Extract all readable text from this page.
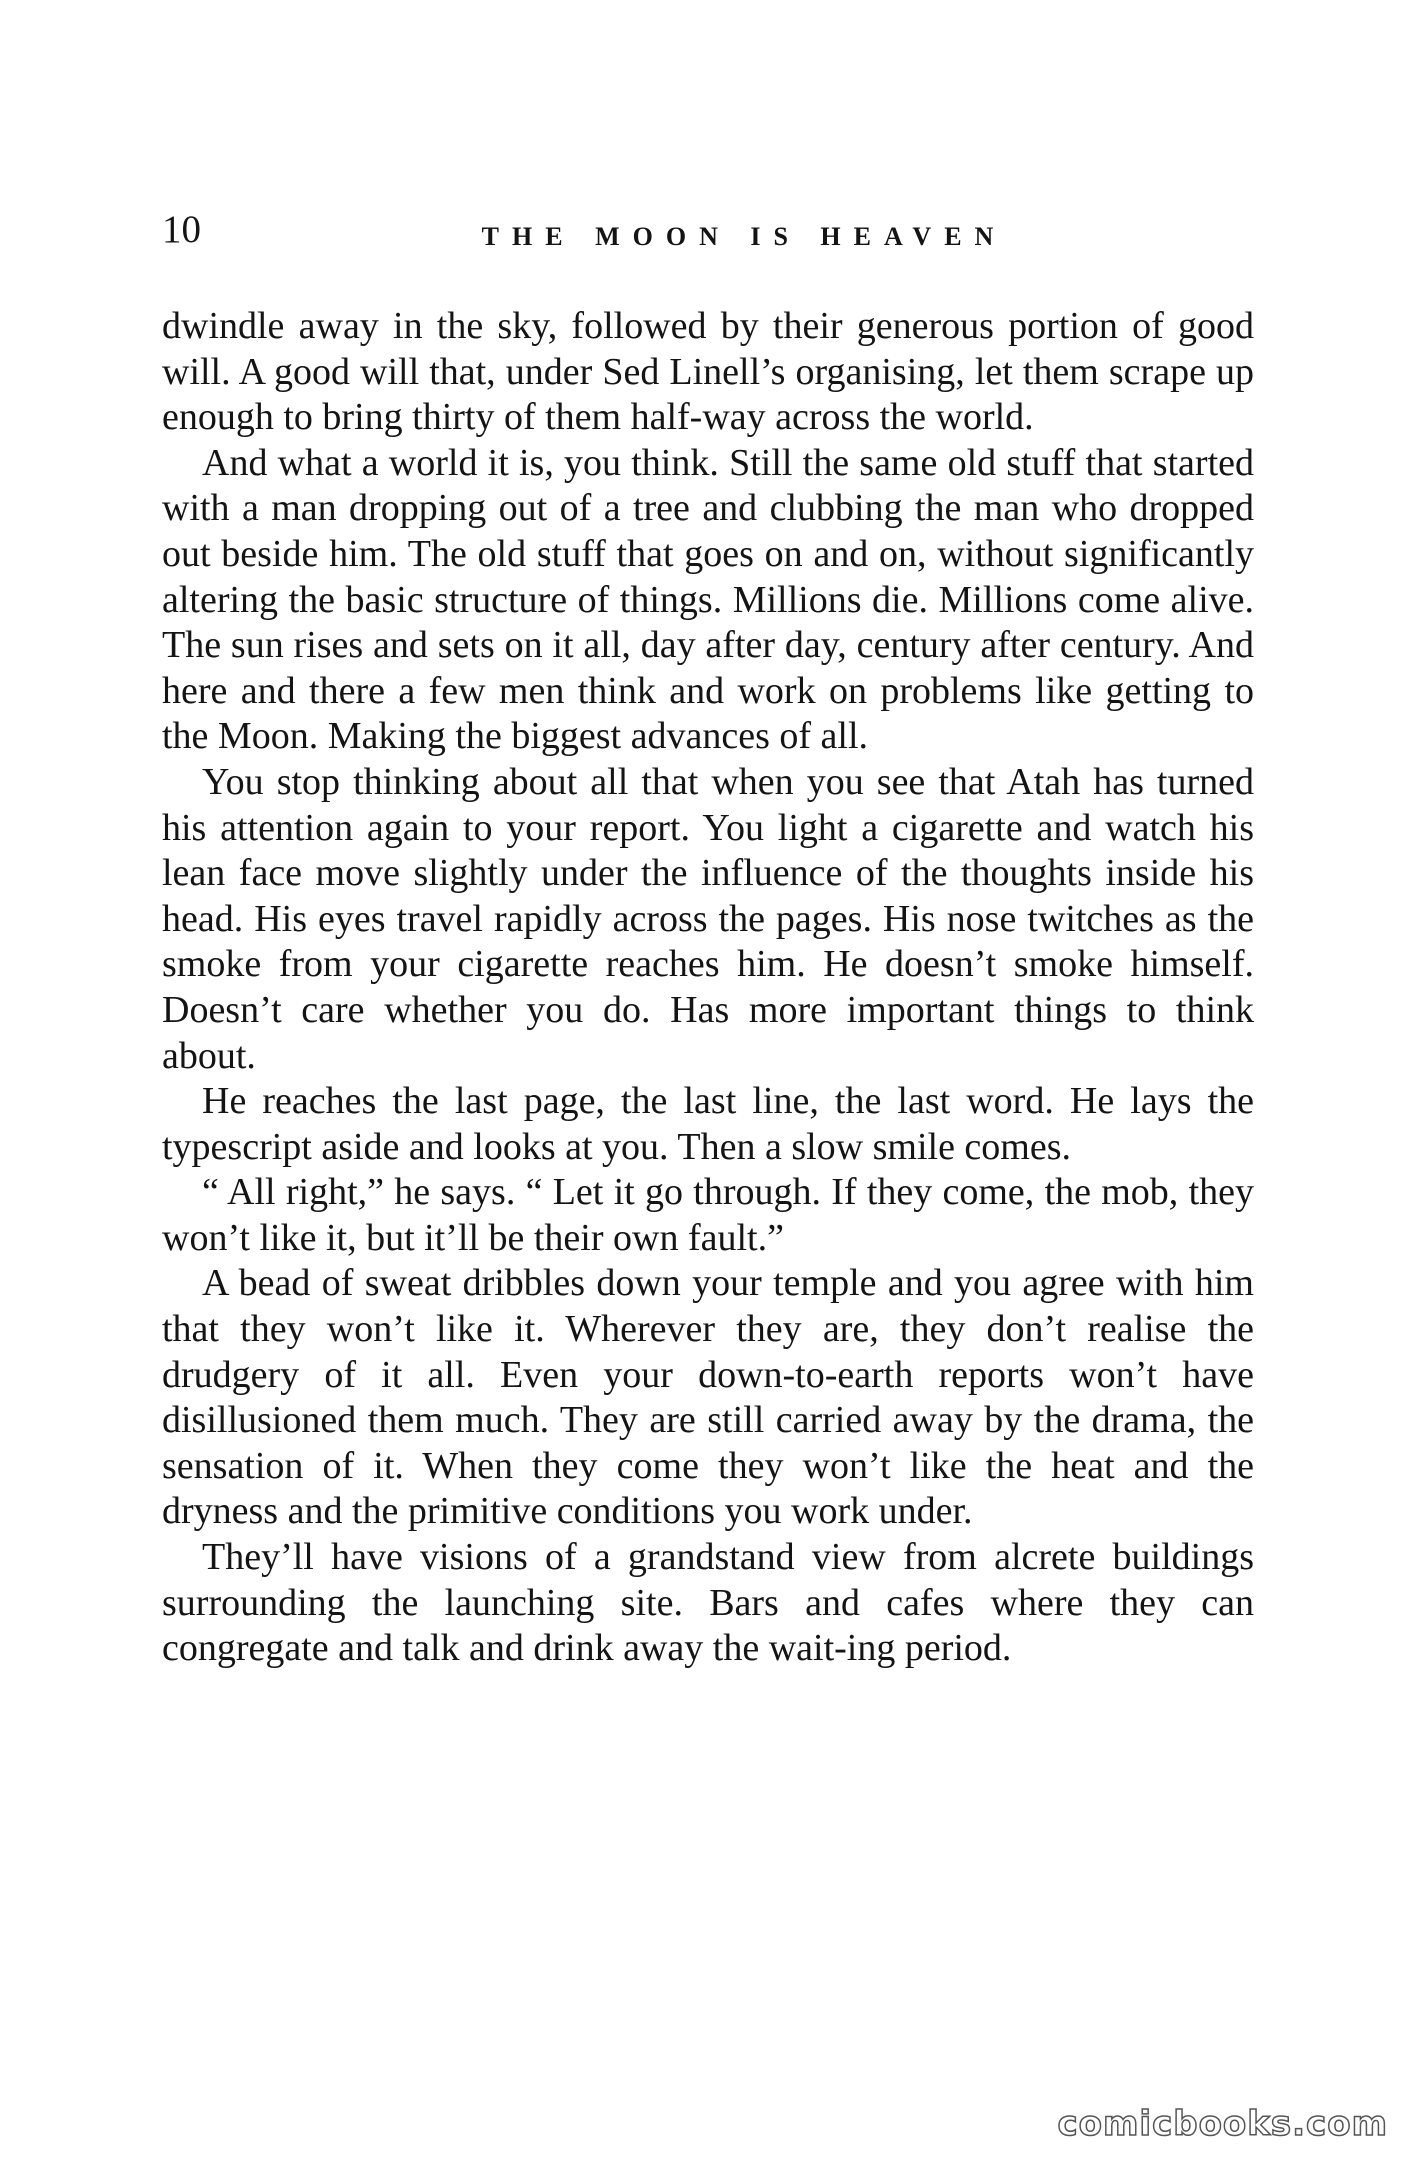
10	THE MOON IS HEAVEN

dwindle away in the sky, followed by their generous portion of good will. A good will that, under Sed Linell’s organising, let them scrape up enough to bring thirty of them half-way across the world.

And what a world it is, you think. Still the same old stuff that started with a man dropping out of a tree and clubbing the man who dropped out beside him. The old stuff that goes on and on, without significantly altering the basic structure of things. Millions die. Millions come alive. The sun rises and sets on it all, day after day, century after century. And here and there a few men think and work on problems like getting to the Moon. Making the biggest advances of all.

You stop thinking about all that when you see that Atah has turned his attention again to your report. You light a cigarette and watch his lean face move slightly under the influence of the thoughts inside his head. His eyes travel rapidly across the pages. His nose twitches as the smoke from your cigarette reaches him. He doesn’t smoke himself. Doesn’t care whether you do. Has more important things to think about.

He reaches the last page, the last line, the last word. He lays the typescript aside and looks at you. Then a slow smile comes.

“ All right,” he says. “ Let it go through. If they come, the mob, they won’t like it, but it’ll be their own fault.”

A bead of sweat dribbles down your temple and you agree with him that they won’t like it. Wherever they are, they don’t realise the drudgery of it all. Even your down-to-earth reports won’t have disillusioned them much. They are still carried away by the drama, the sensation of it. When they come they won’t like the heat and the dryness and the primitive conditions you work under.

They’ll have visions of a grandstand view from alcrete buildings surrounding the launching site. Bars and cafes where they can congregate and talk and drink away the wait-ing period.

comicbooks.com
